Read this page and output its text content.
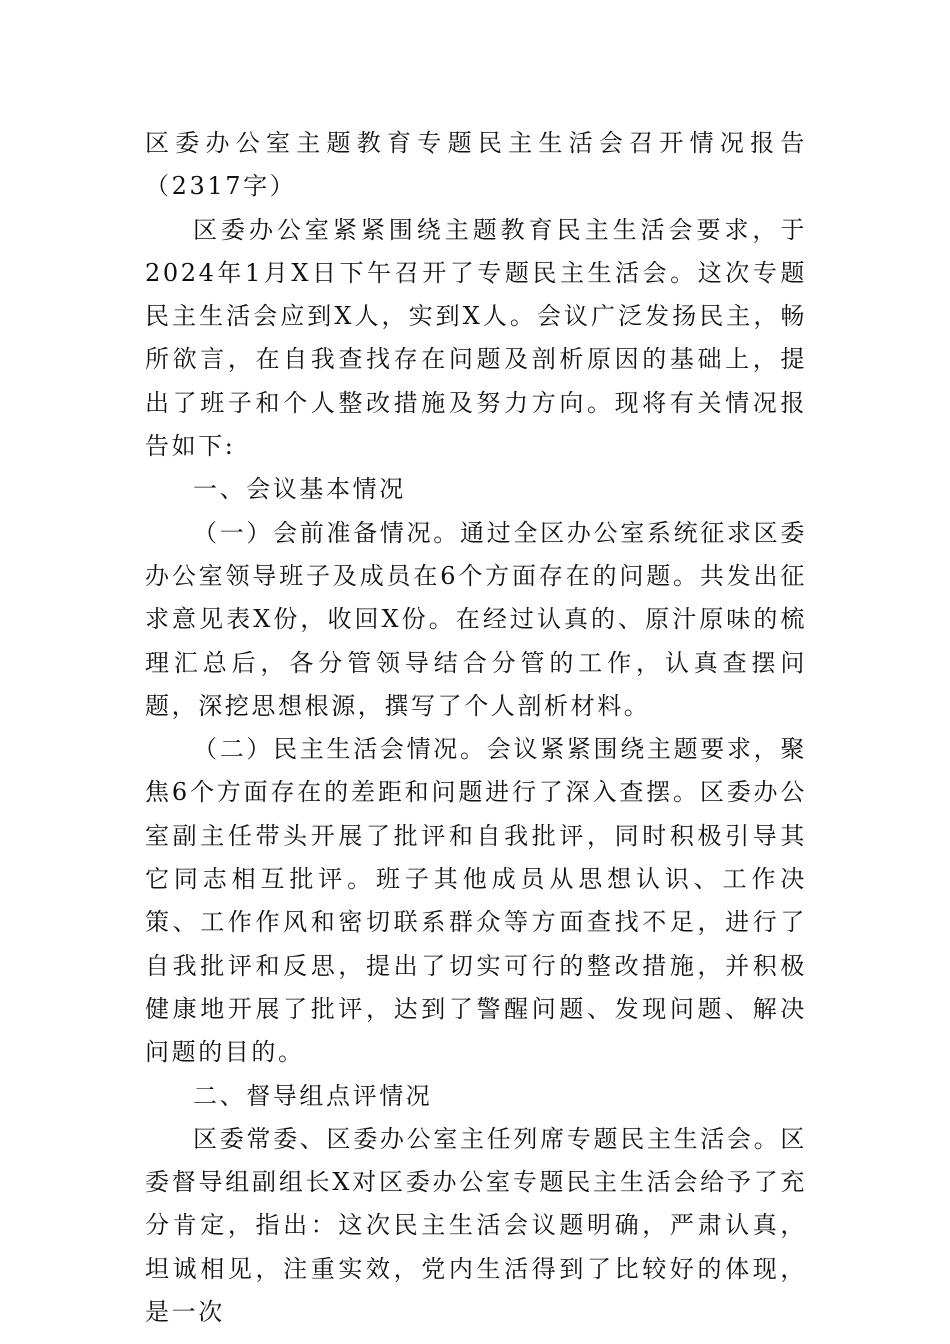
区委办公室主题教育专题民主生活会召开情况报告（2317字）

区委办公室紧紧围绕主题教育民主生活会要求，于2024年1月X日下午召开了专题民主生活会。这次专题民主生活会应到X人，实到X人。会议广泛发扬民主，畅所欲言，在自我查找存在问题及剖析原因的基础上，提出了班子和个人整改措施及努力方向。现将有关情况报告如下:

一、会议基本情况

（一）会前准备情况。通过全区办公室系统征求区委办公室领导班子及成员在6个方面存在的问题。共发出征求意见表X份，收回X份。在经过认真的、原汁原味的梳理汇总后，各分管领导结合分管的工作，认真查摆问题，深挖思想根源，撰写了个人剖析材料。

（二）民主生活会情况。会议紧紧围绕主题要求，聚焦6个方面存在的差距和问题进行了深入查摆。区委办公室副主任带头开展了批评和自我批评，同时积极引导其它同志相互批评。班子其他成员从思想认识、工作决策、工作作风和密切联系群众等方面查找不足，进行了自我批评和反思，提出了切实可行的整改措施，并积极健康地开展了批评，达到了警醒问题、发现问题、解决问题的目的。

二、督导组点评情况

区委常委、区委办公室主任列席专题民主生活会。区委督导组副组长X对区委办公室专题民主生活会给予了充分肯定，指出：这次民主生活会议题明确，严肃认真，坦诚相见，注重实效，党内生活得到了比较好的体现，是一次
